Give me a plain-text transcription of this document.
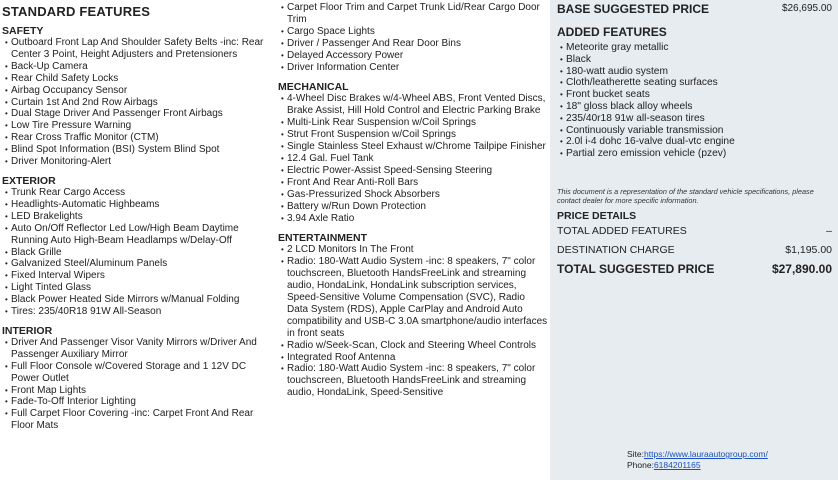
STANDARD FEATURES
SAFETY
• Outboard Front Lap And Shoulder Safety Belts -inc: Rear Center 3 Point, Height Adjusters and Pretensioners
• Back-Up Camera
• Rear Child Safety Locks
• Airbag Occupancy Sensor
• Curtain 1st And 2nd Row Airbags
• Dual Stage Driver And Passenger Front Airbags
• Low Tire Pressure Warning
• Rear Cross Traffic Monitor (CTM)
• Blind Spot Information (BSI) System Blind Spot
• Driver Monitoring-Alert
EXTERIOR
• Trunk Rear Cargo Access
• Headlights-Automatic Highbeams
• LED Brakelights
• Auto On/Off Reflector Led Low/High Beam Daytime Running Auto High-Beam Headlamps w/Delay-Off
• Black Grille
• Galvanized Steel/Aluminum Panels
• Fixed Interval Wipers
• Light Tinted Glass
• Black Power Heated Side Mirrors w/Manual Folding
• Tires: 235/40R18 91W All-Season
INTERIOR
• Driver And Passenger Visor Vanity Mirrors w/Driver And Passenger Auxiliary Mirror
• Full Floor Console w/Covered Storage and 1 12V DC Power Outlet
• Front Map Lights
• Fade-To-Off Interior Lighting
• Full Carpet Floor Covering -inc: Carpet Front And Rear Floor Mats
• Carpet Floor Trim and Carpet Trunk Lid/Rear Cargo Door Trim
• Cargo Space Lights
• Driver / Passenger And Rear Door Bins
• Delayed Accessory Power
• Driver Information Center
MECHANICAL
• 4-Wheel Disc Brakes w/4-Wheel ABS, Front Vented Discs, Brake Assist, Hill Hold Control and Electric Parking Brake
• Multi-Link Rear Suspension w/Coil Springs
• Strut Front Suspension w/Coil Springs
• Single Stainless Steel Exhaust w/Chrome Tailpipe Finisher
• 12.4 Gal. Fuel Tank
• Electric Power-Assist Speed-Sensing Steering
• Front And Rear Anti-Roll Bars
• Gas-Pressurized Shock Absorbers
• Battery w/Run Down Protection
• 3.94 Axle Ratio
ENTERTAINMENT
• 2 LCD Monitors In The Front
• Radio: 180-Watt Audio System -inc: 8 speakers, 7" color touchscreen, Bluetooth HandsFreeLink and streaming audio, HondaLink, HondaLink subscription services, Speed-Sensitive Volume Compensation (SVC), Radio Data System (RDS), Apple CarPlay and Android Auto compatibility and USB-C 3.0A smartphone/audio interfaces in front seats
• Radio w/Seek-Scan, Clock and Steering Wheel Controls
• Integrated Roof Antenna
• Radio: 180-Watt Audio System -inc: 8 speakers, 7" color touchscreen, Bluetooth HandsFreeLink and streaming audio, HondaLink, Speed-Sensitive
BASE SUGGESTED PRICE	$26,695.00
ADDED FEATURES
• Meteorite gray metallic
• Black
• 180-watt audio system
• Cloth/leatherette seating surfaces
• Front bucket seats
• 18" gloss black alloy wheels
• 235/40r18 91w all-season tires
• Continuously variable transmission
• 2.0l i-4 dohc 16-valve dual-vtc engine
• Partial zero emission vehicle (pzev)
This document is a representation of the standard vehicle specifications, please contact dealer for more specific information.
PRICE DETAILS
TOTAL ADDED FEATURES	–
DESTINATION CHARGE	$1,195.00
TOTAL SUGGESTED PRICE	$27,890.00
Site:https://www.lauraautogroup.com/
Phone:6184201165
